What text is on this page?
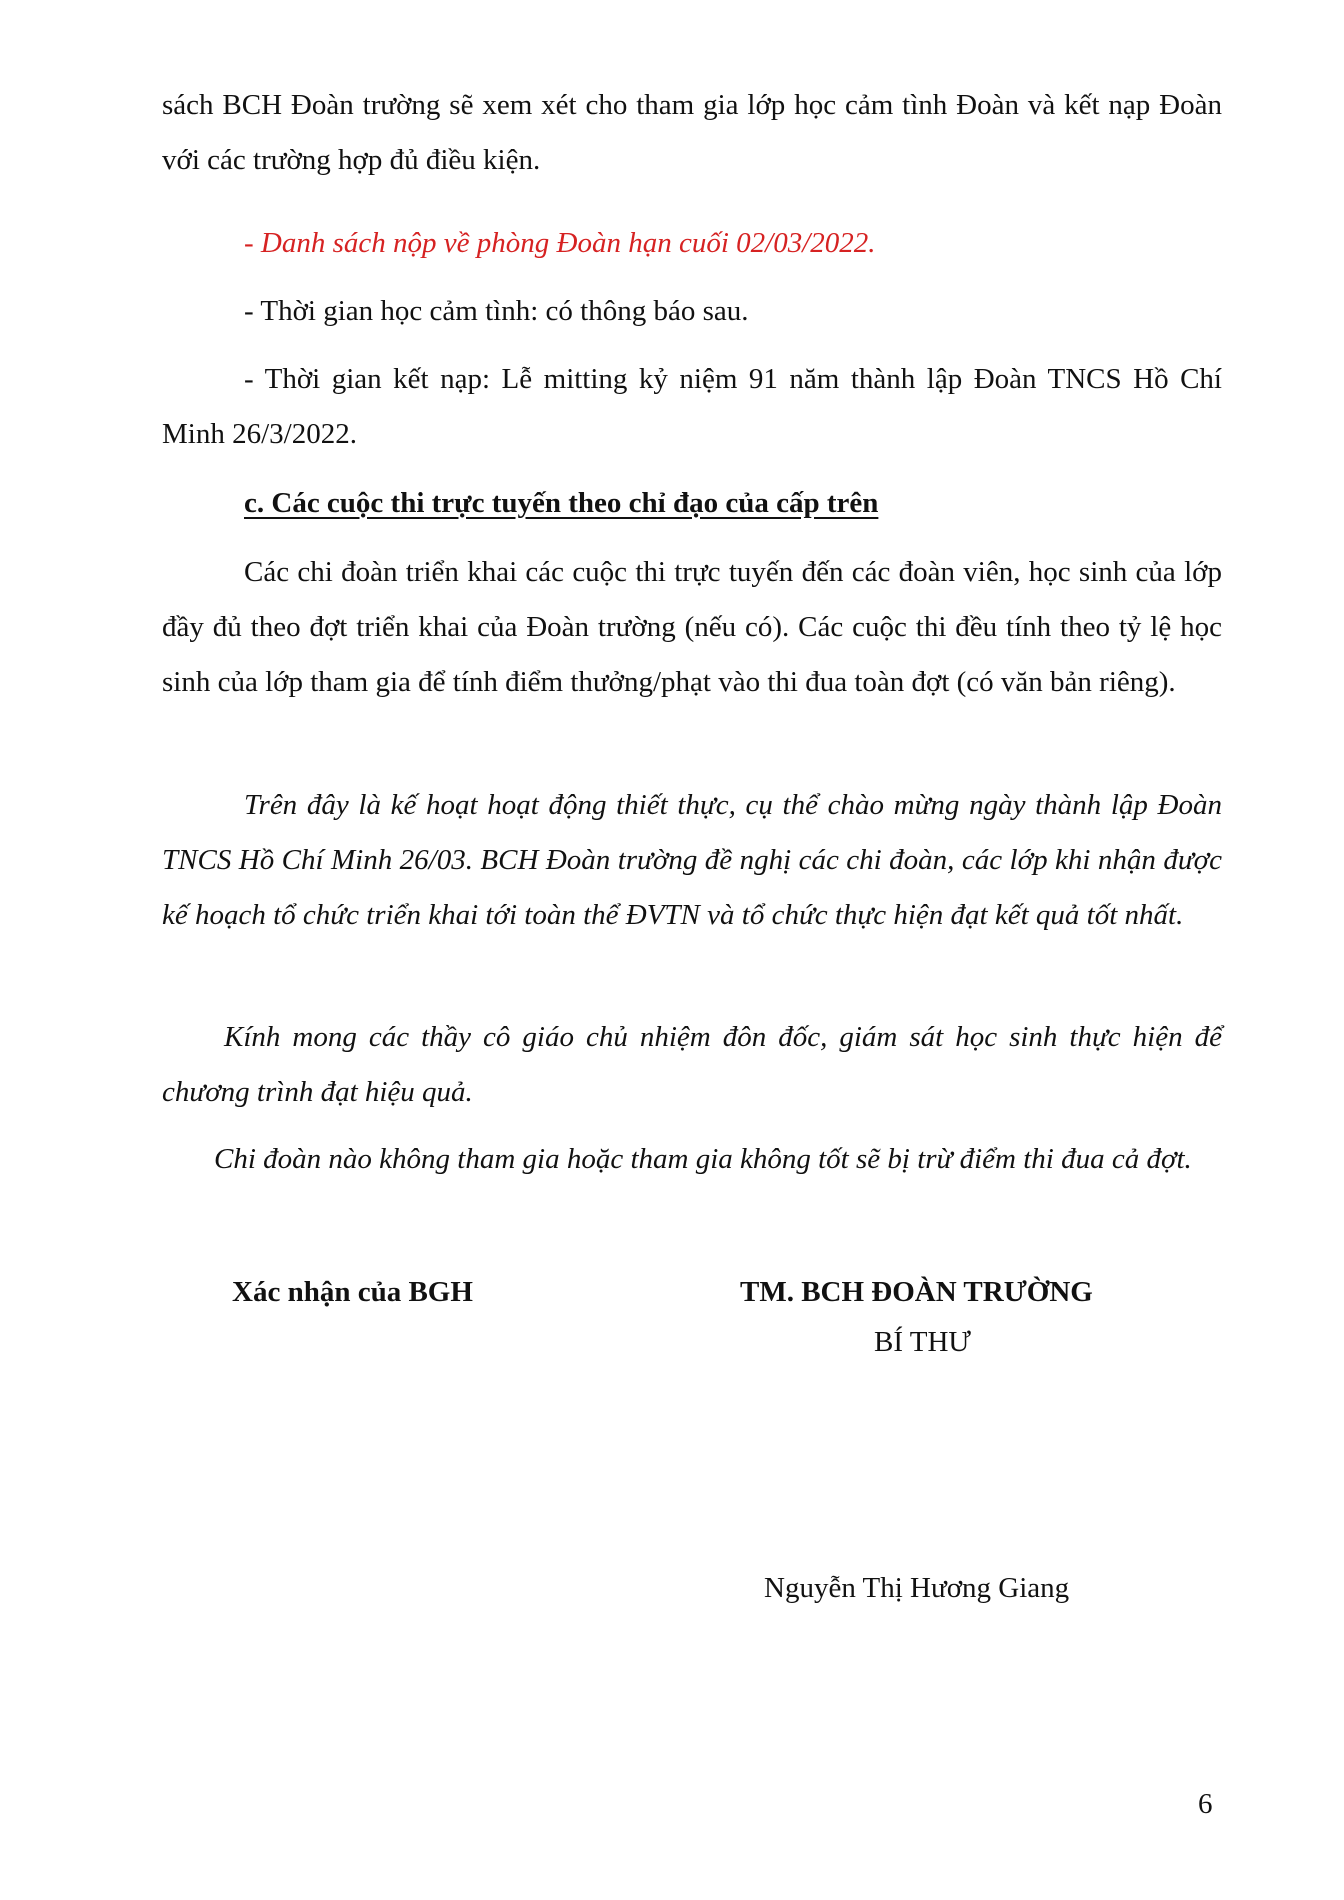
sách BCH Đoàn trường sẽ xem xét cho tham gia lớp học cảm tình Đoàn và kết nạp Đoàn với các trường hợp đủ điều kiện.

- Danh sách nộp về phòng Đoàn hạn cuối 02/03/2022.

- Thời gian học cảm tình: có thông báo sau.

- Thời gian kết nạp: Lễ mitting kỷ niệm 91 năm thành lập Đoàn TNCS Hồ Chí Minh 26/3/2022.

c. Các cuộc thi trực tuyến theo chỉ đạo của cấp trên

Các chi đoàn triển khai các cuộc thi trực tuyến đến các đoàn viên, học sinh của lớp đầy đủ theo đợt triển khai của Đoàn trường (nếu có). Các cuộc thi đều tính theo tỷ lệ học sinh của lớp tham gia để tính điểm thưởng/phạt vào thi đua toàn đợt (có văn bản riêng).

Trên đây là kế hoạt hoạt động thiết thực, cụ thể chào mừng ngày thành lập Đoàn TNCS Hồ Chí Minh 26/03. BCH Đoàn trường đề nghị các chi đoàn, các lớp khi nhận được kế hoạch tổ chức triển khai tới toàn thể ĐVTN và tổ chức thực hiện đạt kết quả tốt nhất.

Kính mong các thầy cô giáo chủ nhiệm đôn đốc, giám sát học sinh thực hiện để chương trình đạt hiệu quả.

Chi đoàn nào không tham gia hoặc tham gia không tốt sẽ bị trừ điểm thi đua cả đợt.

Xác nhận của BGH	TM. BCH ĐOÀN TRƯỜNG
BÍ THƯ
Nguyễn Thị Hương Giang
6
